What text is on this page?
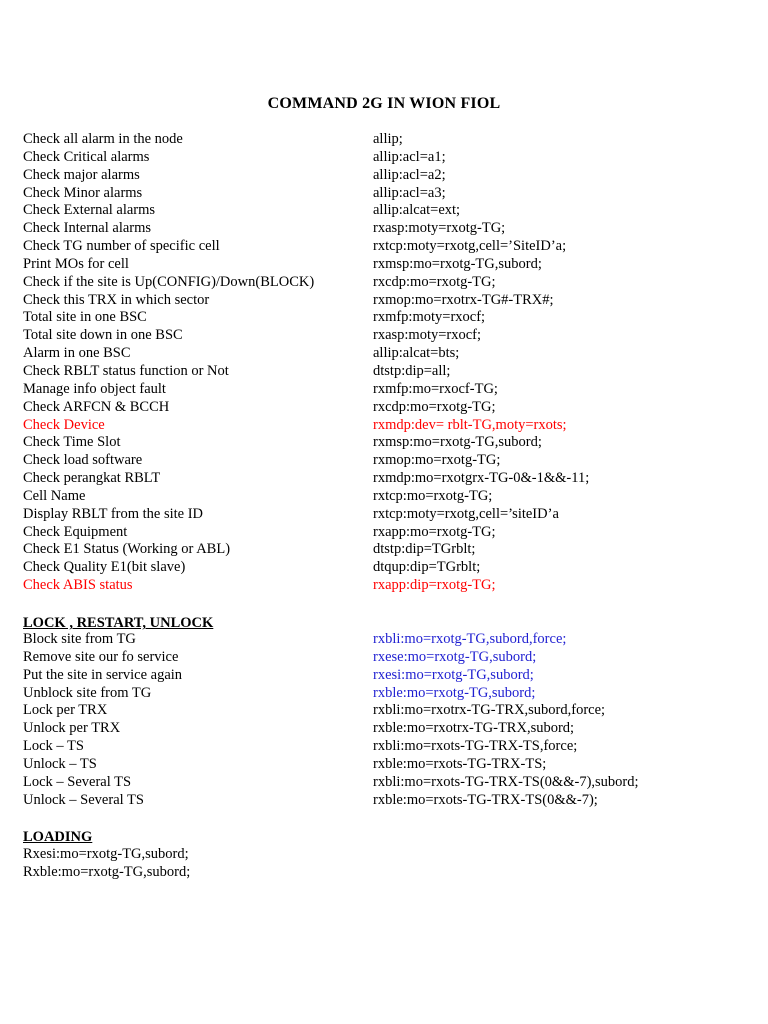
COMMAND 2G IN WION FIOL
Check all alarm in the node	allip;
Check Critical alarms	allip:acl=a1;
Check major alarms	allip:acl=a2;
Check Minor alarms	allip:acl=a3;
Check External alarms	allip:alcat=ext;
Check Internal alarms	rxasp:moty=rxotg-TG;
Check TG number of specific cell	rxtcp:moty=rxotg,cell=’SiteID’a;
Print MOs for cell	rxmsp:mo=rxotg-TG,subord;
Check if the site is Up(CONFIG)/Down(BLOCK)	rxcdp:mo=rxotg-TG;
Check this TRX in which sector	rxmop:mo=rxotrx-TG#-TRX#;
Total site in one BSC	rxmfp:moty=rxocf;
Total site down in one BSC	rxasp:moty=rxocf;
Alarm in one BSC	allip:alcat=bts;
Check RBLT status function or Not	dtstp:dip=all;
Manage info object fault	rxmfp:mo=rxocf-TG;
Check ARFCN & BCCH	rxcdp:mo=rxotg-TG;
Check Device	rxmdp:dev= rblt-TG,moty=rxots;
Check Time Slot	rxmsp:mo=rxotg-TG,subord;
Check load software	rxmop:mo=rxotg-TG;
Check perangkat RBLT	rxmdp:mo=rxotgrx-TG-0&-1&&-11;
Cell Name	rxtcp:mo=rxotg-TG;
Display RBLT from the site ID	rxtcp:moty=rxotg,cell=’siteID’a
Check Equipment	rxapp:mo=rxotg-TG;
Check E1 Status (Working or ABL)	dtstp:dip=TGrblt;
Check Quality E1(bit slave)	dtqup:dip=TGrblt;
Check ABIS status	rxapp:dip=rxotg-TG;
LOCK , RESTART, UNLOCK
Block site from TG	rxbli:mo=rxotg-TG,subord,force;
Remove site our fo service	rxese:mo=rxotg-TG,subord;
Put the site in service again	rxesi:mo=rxotg-TG,subord;
Unblock site from TG	rxble:mo=rxotg-TG,subord;
Lock per TRX	rxbli:mo=rxotrx-TG-TRX,subord,force;
Unlock per TRX	rxble:mo=rxotrx-TG-TRX,subord;
Lock – TS	rxbli:mo=rxots-TG-TRX-TS,force;
Unlock – TS	rxble:mo=rxots-TG-TRX-TS;
Lock – Several TS	rxbli:mo=rxots-TG-TRX-TS(0&&-7),subord;
Unlock – Several TS	rxble:mo=rxots-TG-TRX-TS(0&&-7);
LOADING
Rxesi:mo=rxotg-TG,subord;
Rxble:mo=rxotg-TG,subord;
